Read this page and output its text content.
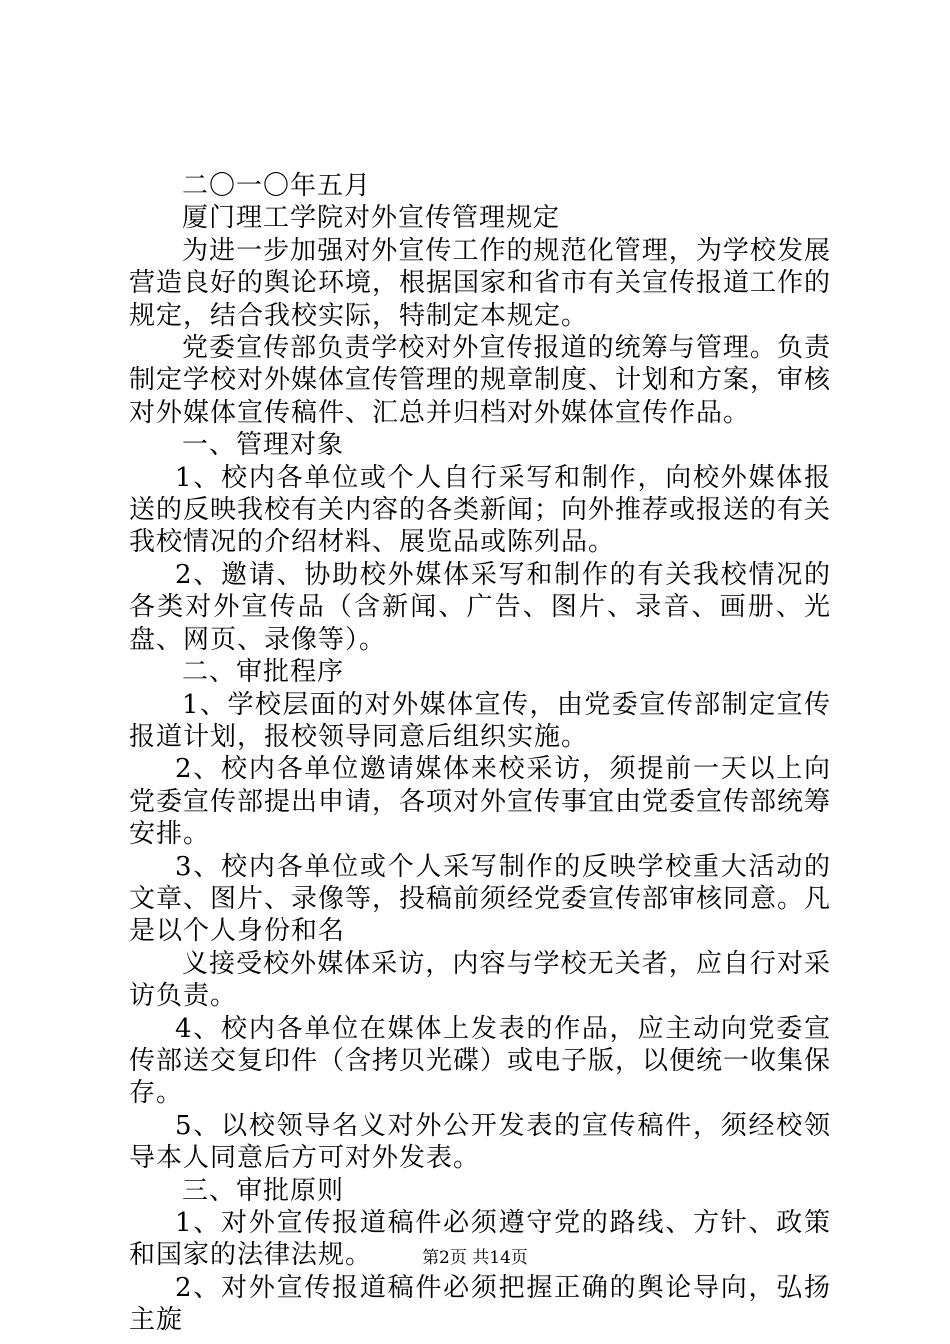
二〇一〇年五月

厦门理工学院对外宣传管理规定

为进一步加强对外宣传工作的规范化管理，为学校发展营造良好的舆论环境，根据国家和省市有关宣传报道工作的规定，结合我校实际，特制定本规定。

党委宣传部负责学校对外宣传报道的统筹与管理。负责制定学校对外媒体宣传管理的规章制度、计划和方案，审核对外媒体宣传稿件、汇总并归档对外媒体宣传作品。

一、管理对象

1、校内各单位或个人自行采写和制作，向校外媒体报送的反映我校有关内容的各类新闻；向外推荐或报送的有关我校情况的介绍材料、展览品或陈列品。

2、邀请、协助校外媒体采写和制作的有关我校情况的各类对外宣传品（含新闻、广告、图片、录音、画册、光盘、网页、录像等）。

二、审批程序

1、学校层面的对外媒体宣传，由党委宣传部制定宣传报道计划，报校领导同意后组织实施。

2、校内各单位邀请媒体来校采访，须提前一天以上向党委宣传部提出申请，各项对外宣传事宜由党委宣传部统筹安排。

3、校内各单位或个人采写制作的反映学校重大活动的文章、图片、录像等，投稿前须经党委宣传部审核同意。凡是以个人身份和名

义接受校外媒体采访，内容与学校无关者，应自行对采访负责。

4、校内各单位在媒体上发表的作品，应主动向党委宣传部送交复印件（含拷贝光碟）或电子版，以便统一收集保存。

5、以校领导名义对外公开发表的宣传稿件，须经校领导本人同意后方可对外发表。

三、审批原则

1、对外宣传报道稿件必须遵守党的路线、方针、政策和国家的法律法规。

2、对外宣传报道稿件必须把握正确的舆论导向，弘扬主旋

第2页 共14页
